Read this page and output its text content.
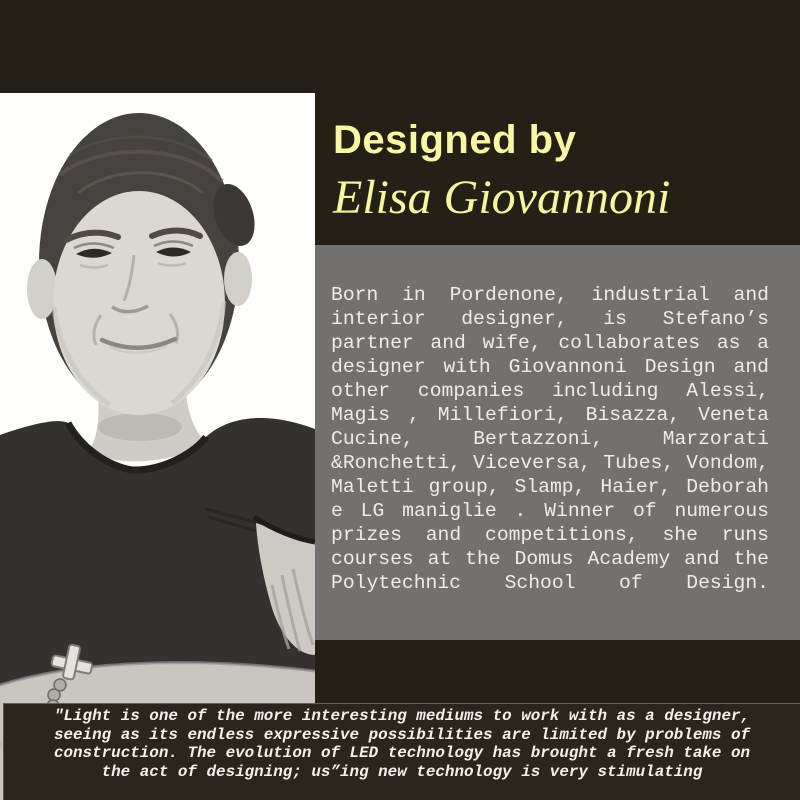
Designed by
Elisa Giovannoni
Born in Pordenone, industrial and
interior designer, is Stefano’s
partner and wife, collaborates as a
designer with Giovannoni Design and
other companies including Alessi,
Magis , Millefiori, Bisazza, Veneta
Cucine, Bertazzoni, Marzorati
&Ronchetti, Viceversa, Tubes, Vondom,
Maletti group, Slamp, Haier, Deborah
e LG maniglie . Winner of numerous
prizes and competitions, she runs
courses at the Domus Academy and the
Polytechnic School of Design.
"Light is one of the more interesting mediums to work with as a designer,
seeing as its endless expressive possibilities are limited by problems of
construction. The evolution of LED technology has brought a fresh take on
the act of designing; us”ing new technology is very stimulating
